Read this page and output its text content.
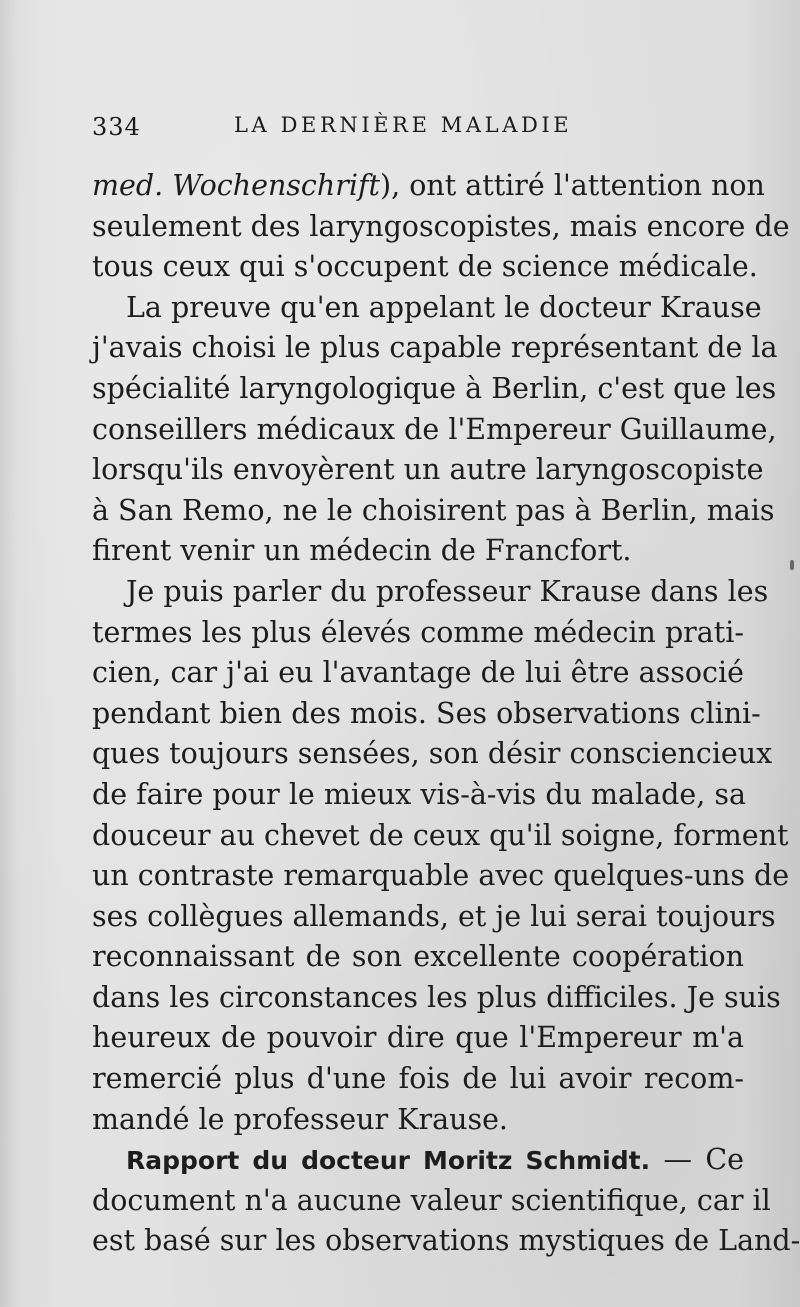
334	LA DERNIÈRE MALADIE
med. Wochenschrift), ont attiré l'attention non
seulement des laryngoscopistes, mais encore de
tous ceux qui s'occupent de science médicale.
La preuve qu'en appelant le docteur Krause
j'avais choisi le plus capable représentant de la
spécialité laryngologique à Berlin, c'est que les
conseillers médicaux de l'Empereur Guillaume,
lorsqu'ils envoyèrent un autre laryngoscopiste
à San Remo, ne le choisirent pas à Berlin, mais
firent venir un médecin de Francfort.
Je puis parler du professeur Krause dans les
termes les plus élevés comme médecin prati-
cien, car j'ai eu l'avantage de lui être associé
pendant bien des mois. Ses observations clini-
ques toujours sensées, son désir consciencieux
de faire pour le mieux vis-à-vis du malade, sa
douceur au chevet de ceux qu'il soigne, forment
un contraste remarquable avec quelques-uns de
ses collègues allemands, et je lui serai toujours
reconnaissant de son excellente coopération
dans les circonstances les plus difficiles. Je suis
heureux de pouvoir dire que l'Empereur m'a
remercié plus d'une fois de lui avoir recom-
mandé le professeur Krause.
Rapport du docteur Moritz Schmidt. — Ce
document n'a aucune valeur scientifique, car il
est basé sur les observations mystiques de Land-
